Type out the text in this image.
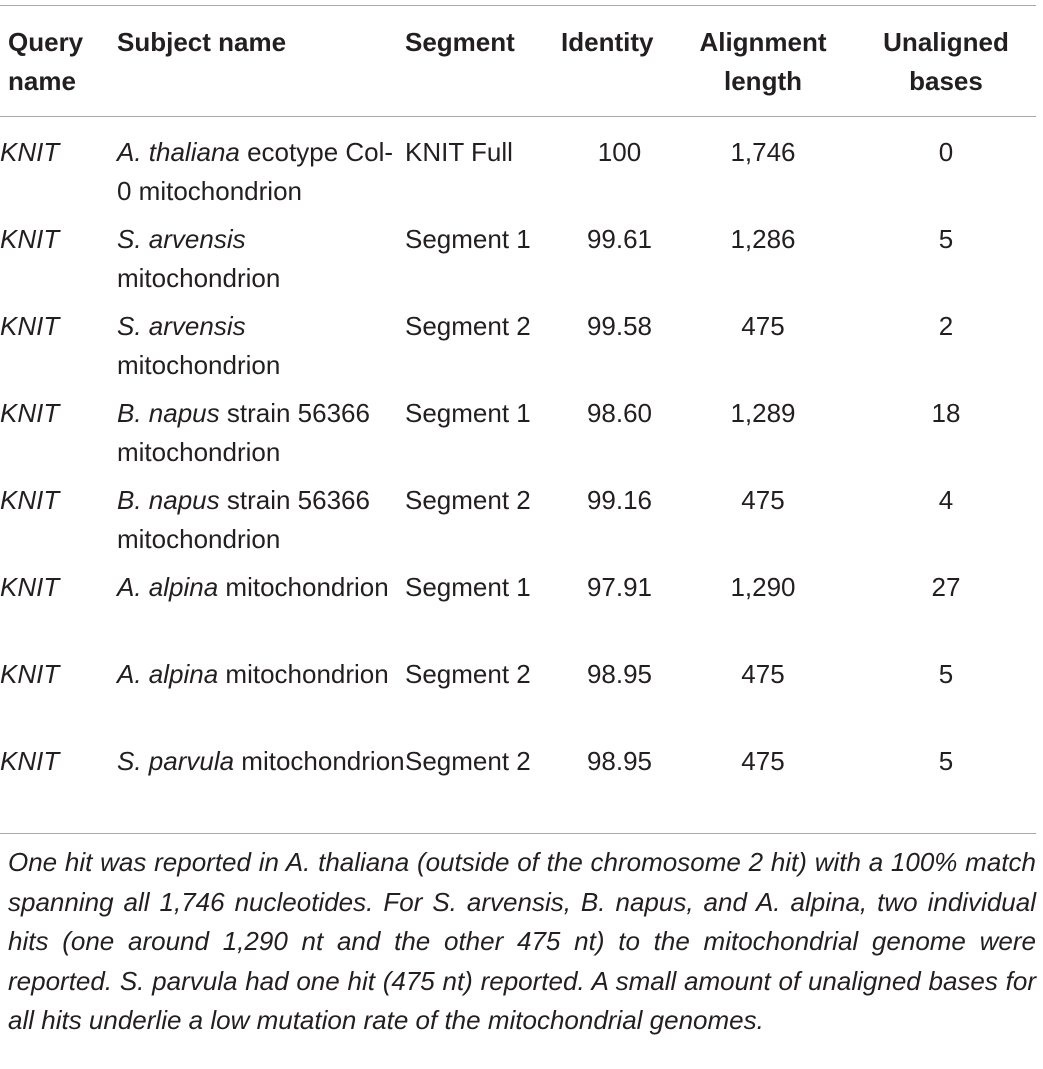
Query name	Subject name	Segment	Identity	Alignment length	Unaligned bases
KNIT	A. thaliana ecotype Col-0 mitochondrion	KNIT Full	100	1,746	0
KNIT	S. arvensis mitochondrion	Segment 1	99.61	1,286	5
KNIT	S. arvensis mitochondrion	Segment 2	99.58	475	2
KNIT	B. napus strain 56366 mitochondrion	Segment 1	98.60	1,289	18
KNIT	B. napus strain 56366 mitochondrion	Segment 2	99.16	475	4
KNIT	A. alpina mitochondrion	Segment 1	97.91	1,290	27
KNIT	A. alpina mitochondrion	Segment 2	98.95	475	5
KNIT	S. parvula mitochondrion	Segment 2	98.95	475	5

One hit was reported in A. thaliana (outside of the chromosome 2 hit) with a 100% match spanning all 1,746 nucleotides. For S. arvensis, B. napus, and A. alpina, two individual hits (one around 1,290 nt and the other 475 nt) to the mitochondrial genome were reported. S. parvula had one hit (475 nt) reported. A small amount of unaligned bases for all hits underlie a low mutation rate of the mitochondrial genomes.
